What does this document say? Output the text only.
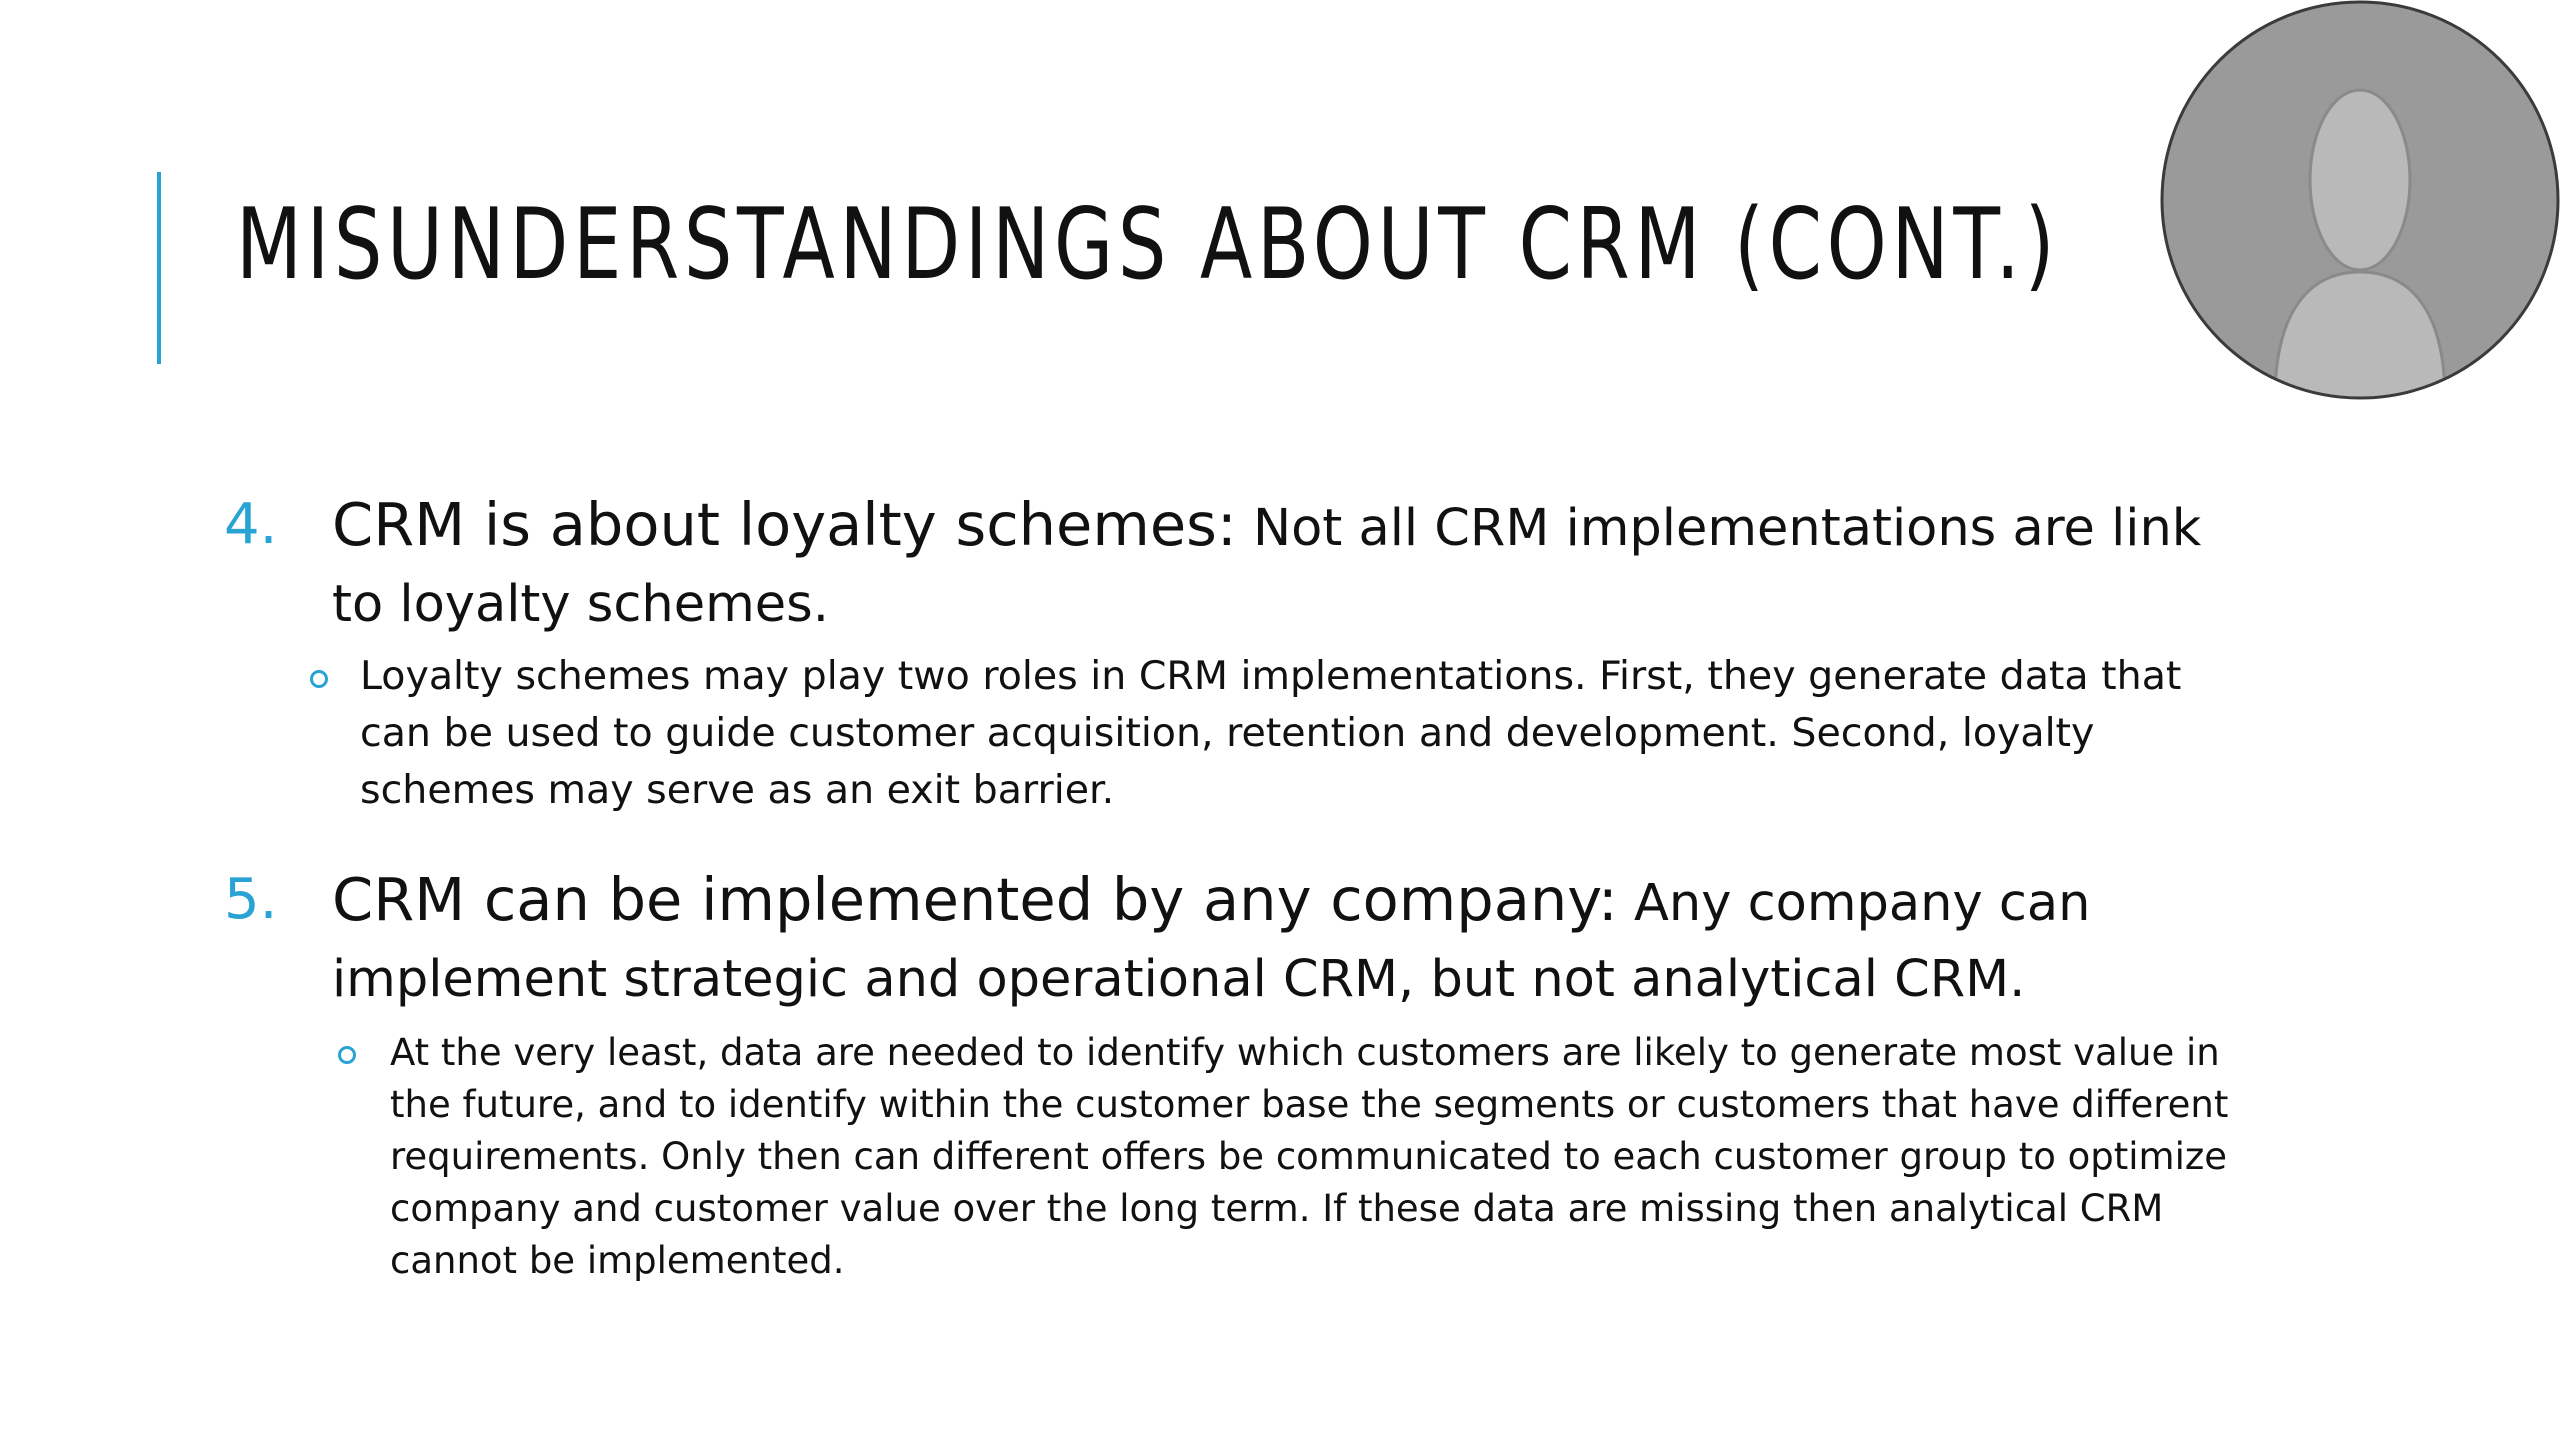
MISUNDERSTANDINGS ABOUT CRM (CONT.)
4. CRM is about loyalty schemes: Not all CRM implementations are link to loyalty schemes.

Loyalty schemes may play two roles in CRM implementations. First, they generate data that can be used to guide customer acquisition, retention and development. Second, loyalty schemes may serve as an exit barrier.

5. CRM can be implemented by any company: Any company can implement strategic and operational CRM, but not analytical CRM.

At the very least, data are needed to identify which customers are likely to generate most value in the future, and to identify within the customer base the segments or customers that have different requirements. Only then can different offers be communicated to each customer group to optimize company and customer value over the long term. If these data are missing then analytical CRM cannot be implemented.
